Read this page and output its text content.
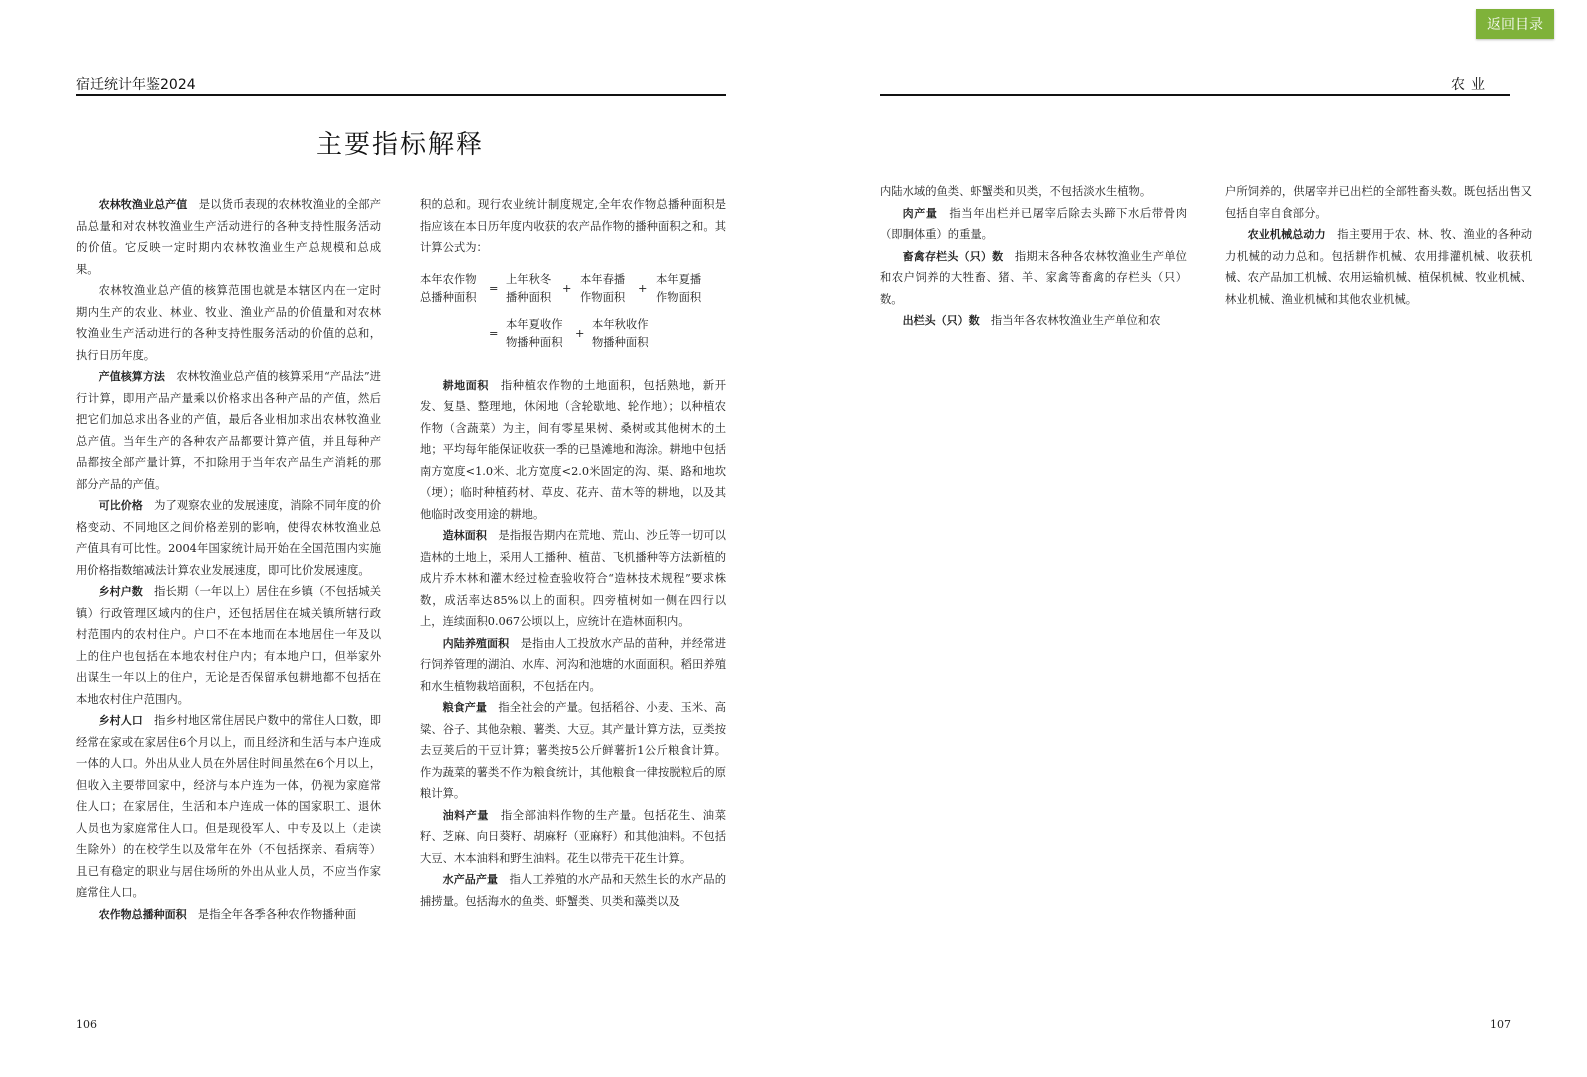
返回目录
宿迁统计年鉴2024	农业
主要指标解释

农林牧渔业总产值　 是以货币表现的农林牧渔业的全部产品总量和对农林牧渔业生产活动进行的各种支持性服务活动的价值。它反映一定时期内农林牧渔业生产总规模和总成果。

农林牧渔业总产值的核算范围也就是本辖区内在一定时期内生产的农业、林业、牧业、渔业产品的价值量和对农林牧渔业生产活动进行的各种支持性服务活动的价值的总和，执行日历年度。

产值核算方法　 农林牧渔业总产值的核算采用“产品法”进行计算，即用产品产量乘以价格求出各种产品的产值，然后把它们加总求出各业的产值，最后各业相加求出农林牧渔业总产值。当年生产的各种农产品都要计算产值，并且每种产品都按全部产量计算，不扣除用于当年农产品生产消耗的那部分产品的产值。

可比价格　 为了观察农业的发展速度，消除不同年度的价格变动、不同地区之间价格差别的影响，使得农林牧渔业总产值具有可比性。2004年国家统计局开始在全国范围内实施用价格指数缩减法计算农业发展速度，即可比价发展速度。

乡村户数　 指长期（一年以上）居住在乡镇（不包括城关镇）行政管理区域内的住户，还包括居住在城关镇所辖行政村范围内的农村住户。户口不在本地而在本地居住一年及以上的住户也包括在本地农村住户内；有本地户口，但举家外出谋生一年以上的住户，无论是否保留承包耕地都不包括在本地农村住户范围内。

乡村人口　 指乡村地区常住居民户数中的常住人口数，即经常在家或在家居住6个月以上，而且经济和生活与本户连成一体的人口。外出从业人员在外居住时间虽然在6个月以上，但收入主要带回家中，经济与本户连为一体，仍视为家庭常住人口；在家居住，生活和本户连成一体的国家职工、退休人员也为家庭常住人口。但是现役军人、中专及以上（走读生除外）的在校学生以及常年在外（不包括探亲、看病等）且已有稳定的职业与居住场所的外出从业人员，不应当作家庭常住人口。

农作物总播种面积　 是指全年各季各种农作物播种面

积的总和。现行农业统计制度规定,全年农作物总播种面积是指应该在本日历年度内收获的农产品作物的播种面积之和。其计算公式为：

本年农作物
总播种面积
=
上年秋冬
播种面积
+
本年春播
作物面积
+
本年夏播
作物面积
=
本年夏收作
物播种面积
+
本年秋收作
物播种面积

耕地面积　 指种植农作物的土地面积，包括熟地，新开发、复垦、整理地，休闲地（含轮歇地、轮作地）；以种植农作物（含蔬菜）为主，间有零星果树、桑树或其他树木的土地；平均每年能保证收获一季的已垦滩地和海涂。耕地中包括南方宽度<1.0米、北方宽度<2.0米固定的沟、渠、路和地坎（埂）；临时种植药材、草皮、花卉、苗木等的耕地，以及其他临时改变用途的耕地。

造林面积　 是指报告期内在荒地、荒山、沙丘等一切可以造林的土地上，采用人工播种、植苗、飞机播种等方法新植的成片乔木林和灌木经过检查验收符合“造林技术规程”要求株数，成活率达85%以上的面积。四旁植树如一侧在四行以上，连续面积0.067公顷以上，应统计在造林面积内。

内陆养殖面积　 是指由人工投放水产品的苗种，并经常进行饲养管理的湖泊、水库、河沟和池塘的水面面积。稻田养殖和水生植物栽培面积，不包括在内。

粮食产量　 指全社会的产量。包括稻谷、小麦、玉米、高粱、谷子、其他杂粮、薯类、大豆。其产量计算方法，豆类按去豆荚后的干豆计算；薯类按5公斤鲜薯折1公斤粮食计算。作为蔬菜的薯类不作为粮食统计，其他粮食一律按脱粒后的原粮计算。

油料产量　 指全部油料作物的生产量。包括花生、油菜籽、芝麻、向日葵籽、胡麻籽（亚麻籽）和其他油料。不包括大豆、木本油料和野生油料。花生以带壳干花生计算。

水产品产量　 指人工养殖的水产品和天然生长的水产品的捕捞量。包括海水的鱼类、虾蟹类、贝类和藻类以及

内陆水域的鱼类、虾蟹类和贝类，不包括淡水生植物。

肉产量　 指当年出栏并已屠宰后除去头蹄下水后带骨肉（即胴体重）的重量。

畜禽存栏头（只）数　 指期末各种各农林牧渔业生产单位和农户饲养的大牲畜、猪、羊、家禽等畜禽的存栏头（只）数。

出栏头（只）数　 指当年各农林牧渔业生产单位和农

户所饲养的，供屠宰并已出栏的全部牲畜头数。既包括出售又包括自宰自食部分。

农业机械总动力　 指主要用于农、林、牧、渔业的各种动力机械的动力总和。包括耕作机械、农用排灌机械、收获机械、农产品加工机械、农用运输机械、植保机械、牧业机械、林业机械、渔业机械和其他农业机械。

106	107
